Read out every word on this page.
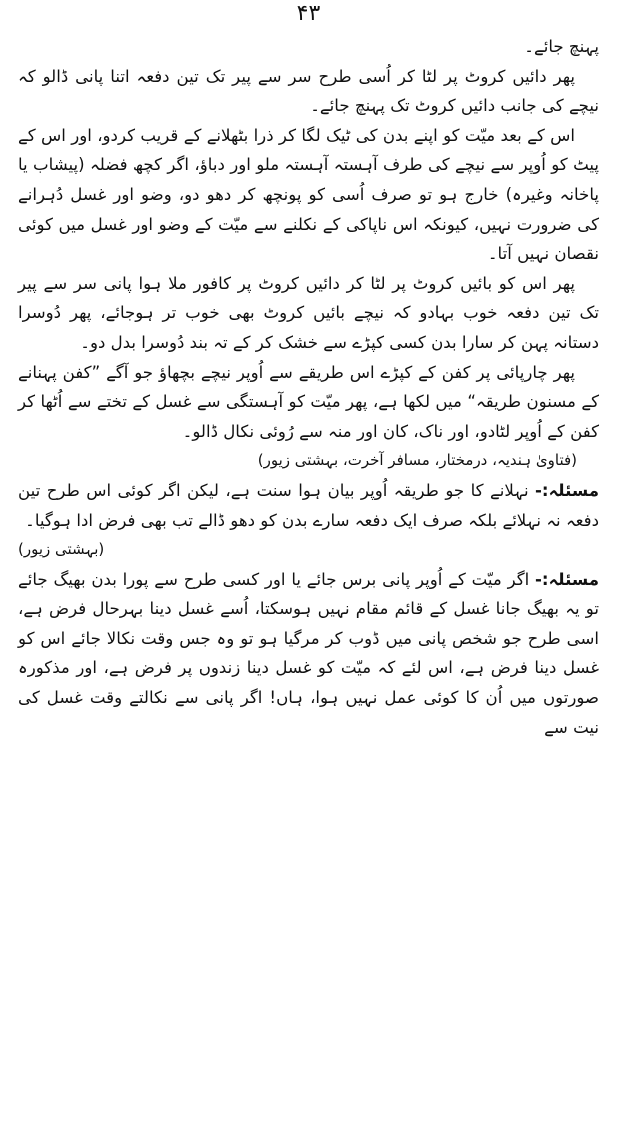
۴۳

پہنچ جائے۔

پھر دائیں کروٹ پر لٹا کر اُسی طرح سر سے پیر تک تین دفعہ اتنا پانی ڈالو کہ نیچے کی جانب دائیں کروٹ تک پہنچ جائے۔

اس کے بعد میّت کو اپنے بدن کی ٹیک لگا کر ذرا بٹھلانے کے قریب کردو، اور اس کے پیٹ کو اُوپر سے نیچے کی طرف آہستہ آہستہ ملو اور دباؤ، اگر کچھ فضلہ (پیشاب یا پاخانہ وغیرہ) خارج ہو تو صرف اُسی کو پونچھ کر دھو دو، وضو اور غسل دُہرانے کی ضرورت نہیں، کیونکہ اس ناپاکی کے نکلنے سے میّت کے وضو اور غسل میں کوئی نقصان نہیں آتا۔

پھر اس کو بائیں کروٹ پر لٹا کر دائیں کروٹ پر کافور ملا ہوا پانی سر سے پیر تک تین دفعہ خوب بہادو کہ نیچے بائیں کروٹ بھی خوب تر ہوجائے، پھر دُوسرا دستانہ پہن کر سارا بدن کسی کپڑے سے خشک کر کے تہ بند دُوسرا بدل دو۔

پھر چارپائی پر کفن کے کپڑے اس طریقے سے اُوپر نیچے بچھاؤ جو آگے ”کفن پہنانے کے مسنون طریقہ“ میں لکھا ہے، پھر میّت کو آہستگی سے غسل کے تختے سے اُٹھا کر کفن کے اُوپر لٹادو، اور ناک، کان اور منہ سے رُوئی نکال ڈالو۔

(فتاویٰ ہندیہ، درمختار، مسافر آخرت، بہشتی زیور)

مسئلہ:- نہلانے کا جو طریقہ اُوپر بیان ہوا سنت ہے، لیکن اگر کوئی اس طرح تین دفعہ نہ نہلائے بلکہ صرف ایک دفعہ سارے بدن کو دھو ڈالے تب بھی فرض ادا ہوگیا۔
(بہشتی زیور)

مسئلہ:- اگر میّت کے اُوپر پانی برس جائے یا اور کسی طرح سے پورا بدن بھیگ جائے تو یہ بھیگ جانا غسل کے قائم مقام نہیں ہوسکتا، اُسے غسل دینا بہرحال فرض ہے، اسی طرح جو شخص پانی میں ڈوب کر مرگیا ہو تو وہ جس وقت نکالا جائے اس کو غسل دینا فرض ہے، اس لئے کہ میّت کو غسل دینا زندوں پر فرض ہے، اور مذکورہ صورتوں میں اُن کا کوئی عمل نہیں ہوا، ہاں! اگر پانی سے نکالتے وقت غسل کی نیت سے
